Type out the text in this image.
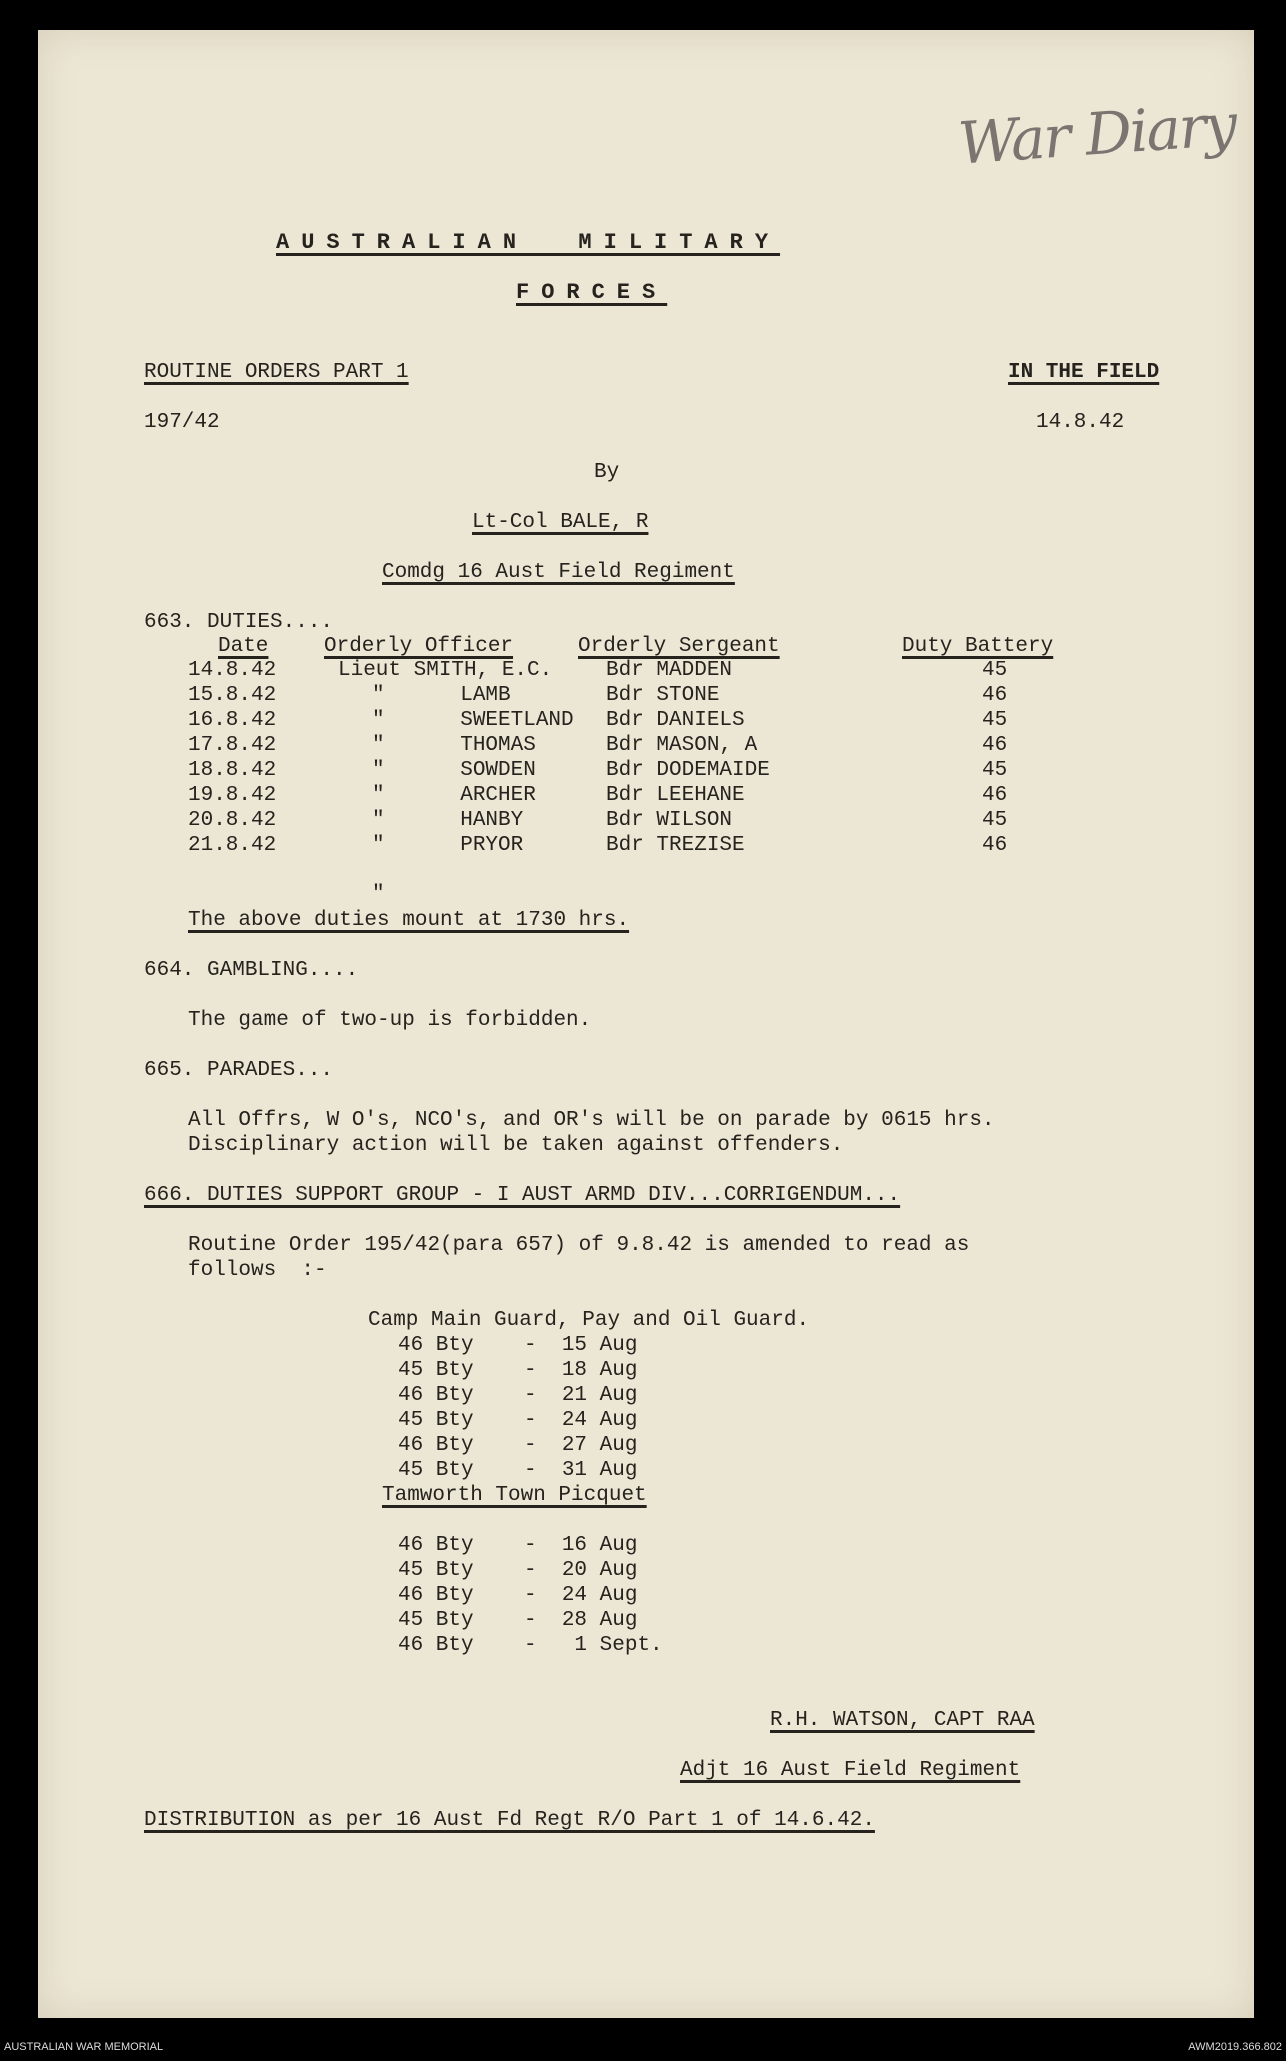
War Diary
AUSTRALIAN  MILITARY
FORCES
ROUTINE ORDERS PART 1	IN THE FIELD
197/42	14.8.42
By
Lt-Col BALE, R
Comdg 16 Aust Field Regiment
663. DUTIES....
Date	Orderly Officer	Orderly Sergeant	Duty Battery
14.8.42	Lieut SMITH, E.C.	Bdr MADDEN	45
15.8.42	"      LAMB	Bdr STONE	46
16.8.42	"      SWEETLAND Bdr DANIELS	45
17.8.42	"      THOMAS	Bdr MASON, A	46
18.8.42	"      SOWDEN	Bdr DODEMAIDE	45
19.8.42	"      ARCHER	Bdr LEEHANE	46
20.8.42	"      HANBY	Bdr WILSON	45
21.8.42	"      PRYOR	Bdr TREZISE	46
"
The above duties mount at 1730 hrs.
664. GAMBLING....
The game of two-up is forbidden.
665. PARADES...
All Offrs, W O's, NCO's, and OR's will be on parade by 0615 hrs.
Disciplinary action will be taken against offenders.
666. DUTIES SUPPORT GROUP - I AUST ARMD DIV...CORRIGENDUM...
Routine Order 195/42(para 657) of 9.8.42 is amended to read as
follows  :-
Camp Main Guard, Pay and Oil Guard.
46 Bty    -  15 Aug
45 Bty    -  18 Aug
46 Bty    -  21 Aug
45 Bty    -  24 Aug
46 Bty    -  27 Aug
45 Bty    -  31 Aug
Tamworth Town Picquet
46 Bty    -  16 Aug
45 Bty    -  20 Aug
46 Bty    -  24 Aug
45 Bty    -  28 Aug
46 Bty    -   1 Sept.
R.H. WATSON, CAPT RAA
Adjt 16 Aust Field Regiment
DISTRIBUTION as per 16 Aust Fd Regt R/O Part 1 of 14.6.42.
AUSTRALIAN WAR MEMORIAL	AWM2019.366.802
